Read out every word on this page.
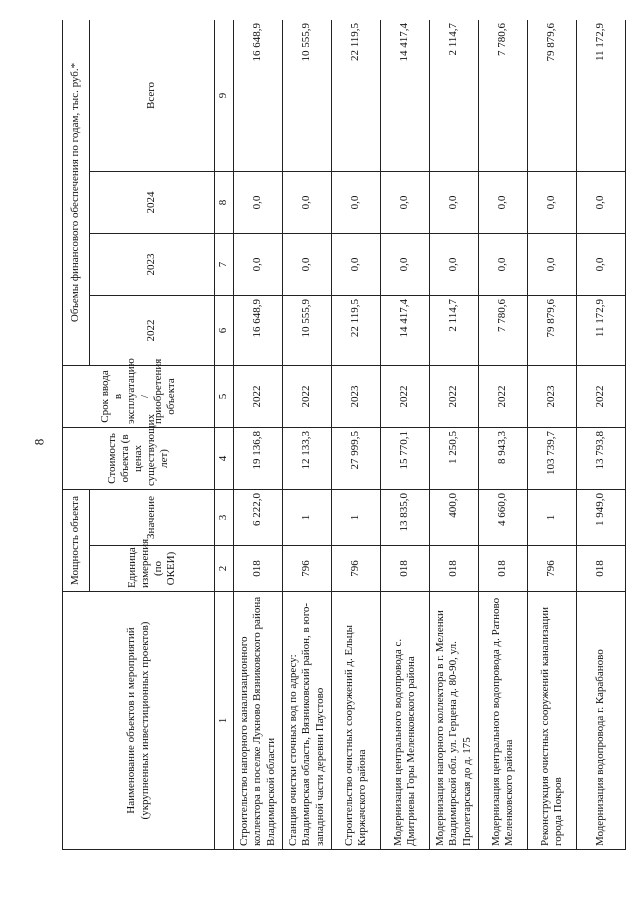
8
Наименование объектов и мероприятий (укрупненных инвестиционных проектов)	Мощность объекта		Стоимость объекта (в ценах существующих лет)	Срок ввода в эксплуатацию / приобретения объекта	Объемы финансового обеспечения по годам, тыс. руб.*			
	Единица измерения (по ОКЕИ)	Значение			2022	2023	2024	Всего
1	2	3	4	5	6	7	8	9
Строительство напорного канализационного коллектора в поселке Лукново Вязниковского района Владимирской области	018	6 222,0	19 136,8	2022	16 648,9	0,0	0,0	16 648,9
Станция очистки сточных вод по адресу: Владимирская область, Вязниковский район, в юго-западной части деревни Паустово	796	1	12 133,3	2022	10 555,9	0,0	0,0	10 555,9
Строительство очистных сооружений д. Ельцы Киржачского района	796	1	27 999,5	2023	22 119,5	0,0	0,0	22 119,5
Модернизация центрального водопровода с. Дмитриевы Горы Меленковского района	018	13 835,0	15 770,1	2022	14 417,4	0,0	0,0	14 417,4
Модернизация напорного коллектора в г. Меленки Владимирской обл. ул. Герцена д. 80-90, ул. Пролетарская до д. 175	018	400,0	1 250,5	2022	2 114,7	0,0	0,0	2 114,7
Модернизация центрального водопровода д. Ратново Меленковского района	018	4 660,0	8 943,3	2022	7 780,6	0,0	0,0	7 780,6
Реконструкция очистных сооружений канализации города Покров	796	1	103 739,7	2023	79 879,6	0,0	0,0	79 879,6
Модернизация водопровода г. Карабаново	018	1 949,0	13 793,8	2022	11 172,9	0,0	0,0	11 172,9
